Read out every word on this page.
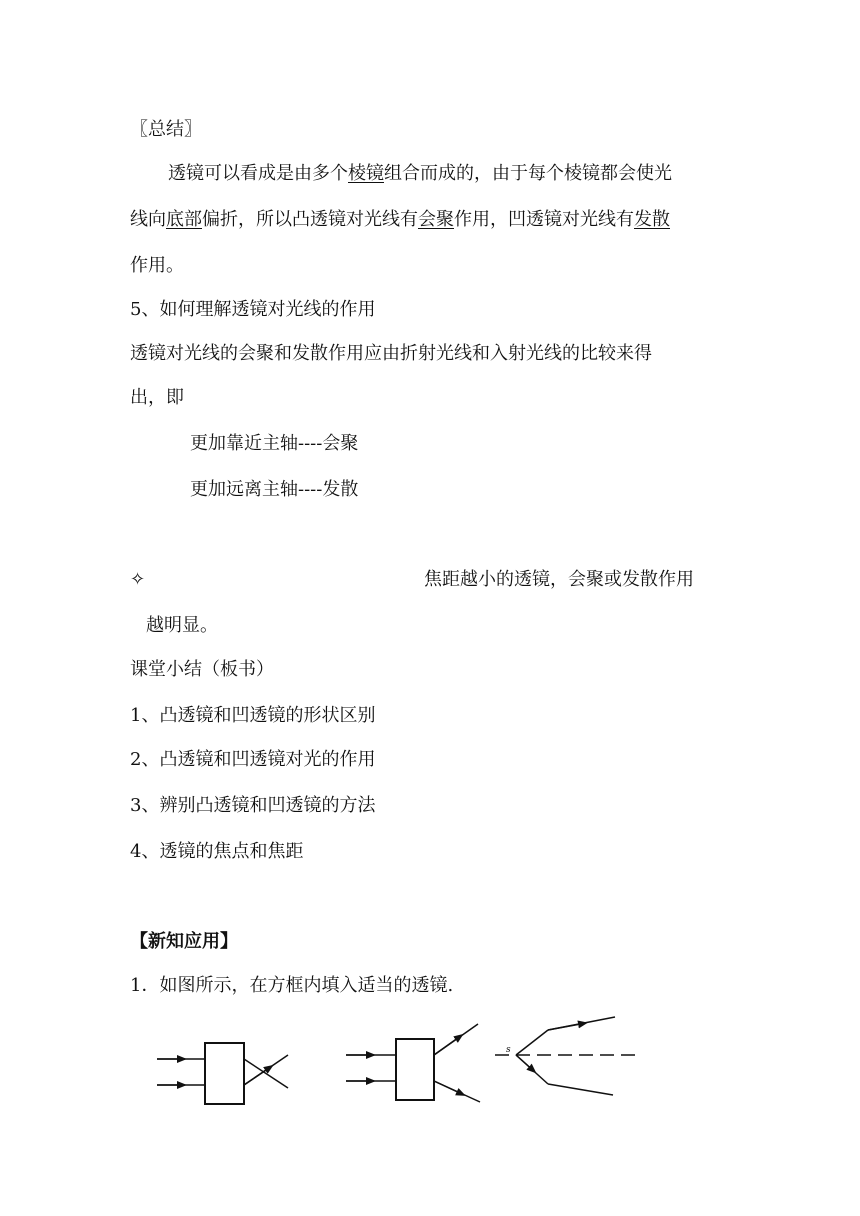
〖总结〗
透镜可以看成是由多个棱镜组合而成的，由于每个棱镜都会使光
线向底部偏折，所以凸透镜对光线有会聚作用，凹透镜对光线有发散
作用。
5、如何理解透镜对光线的作用
透镜对光线的会聚和发散作用应由折射光线和入射光线的比较来得
出，即
更加靠近主轴----会聚
更加远离主轴----发散
✧	焦距越小的透镜，会聚或发散作用
越明显。
课堂小结（板书）
1、凸透镜和凹透镜的形状区别
2、凸透镜和凹透镜对光的作用
3、辨别凸透镜和凹透镜的方法
4、透镜的焦点和焦距
【新知应用】
1．如图所示，在方框内填入适当的透镜.
s
